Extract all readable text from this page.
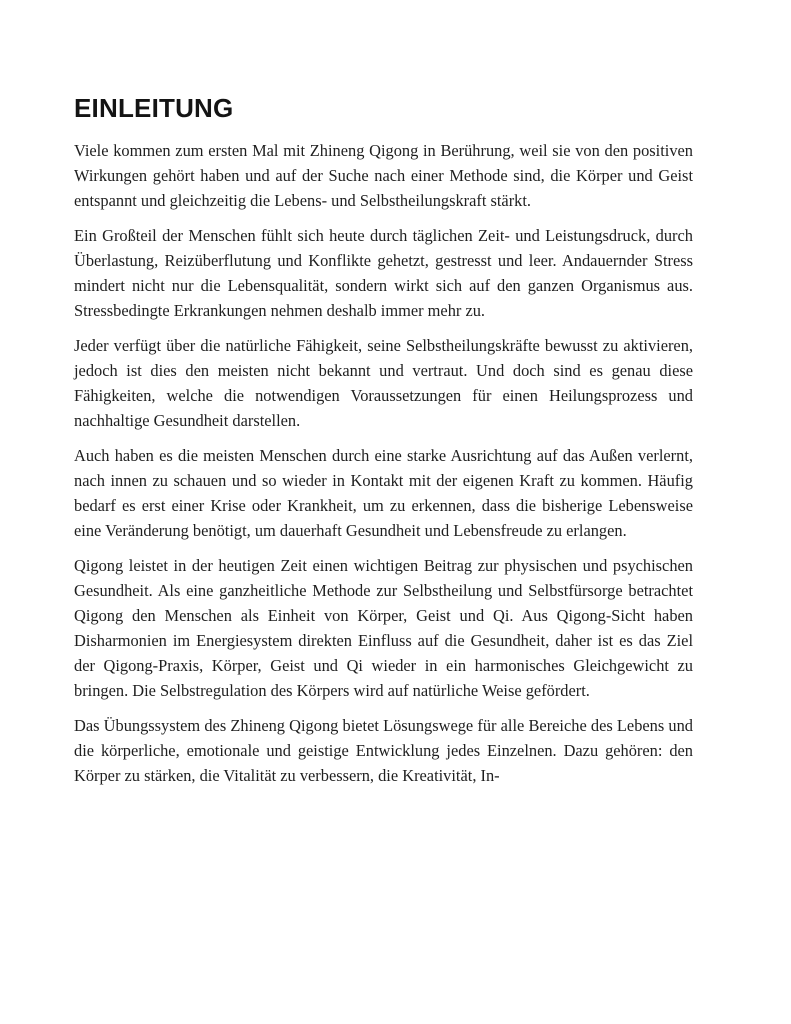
EINLEITUNG

Viele kommen zum ersten Mal mit Zhineng Qigong in Berührung, weil sie von den positiven Wirkungen gehört haben und auf der Suche nach einer Methode sind, die Körper und Geist entspannt und gleichzeitig die Lebens- und Selbstheilungskraft stärkt.

Ein Großteil der Menschen fühlt sich heute durch täglichen Zeit- und Leistungsdruck, durch Überlastung, Reizüberflutung und Konflikte gehetzt, gestresst und leer. Andauernder Stress mindert nicht nur die Lebensqualität, sondern wirkt sich auf den ganzen Organismus aus. Stressbedingte Erkrankungen nehmen deshalb immer mehr zu.

Jeder verfügt über die natürliche Fähigkeit, seine Selbstheilungskräfte bewusst zu aktivieren, jedoch ist dies den meisten nicht bekannt und vertraut. Und doch sind es genau diese Fähigkeiten, welche die notwendigen Voraussetzungen für einen Heilungsprozess und nachhaltige Gesundheit darstellen.

Auch haben es die meisten Menschen durch eine starke Ausrichtung auf das Außen verlernt, nach innen zu schauen und so wieder in Kontakt mit der eigenen Kraft zu kommen. Häufig bedarf es erst einer Krise oder Krankheit, um zu erkennen, dass die bisherige Lebensweise eine Veränderung benötigt, um dauerhaft Gesundheit und Lebensfreude zu erlangen.

Qigong leistet in der heutigen Zeit einen wichtigen Beitrag zur physischen und psychischen Gesundheit. Als eine ganzheitliche Methode zur Selbstheilung und Selbstfürsorge betrachtet Qigong den Menschen als Einheit von Körper, Geist und Qi. Aus Qigong-Sicht haben Disharmonien im Energiesystem direkten Einfluss auf die Gesundheit, daher ist es das Ziel der Qigong-Praxis, Körper, Geist und Qi wieder in ein harmonisches Gleichgewicht zu bringen. Die Selbstregulation des Körpers wird auf natürliche Weise gefördert.

Das Übungssystem des Zhineng Qigong bietet Lösungswege für alle Bereiche des Lebens und die körperliche, emotionale und geistige Entwicklung jedes Einzelnen. Dazu gehören: den Körper zu stärken, die Vitalität zu verbessern, die Kreativität, In-
